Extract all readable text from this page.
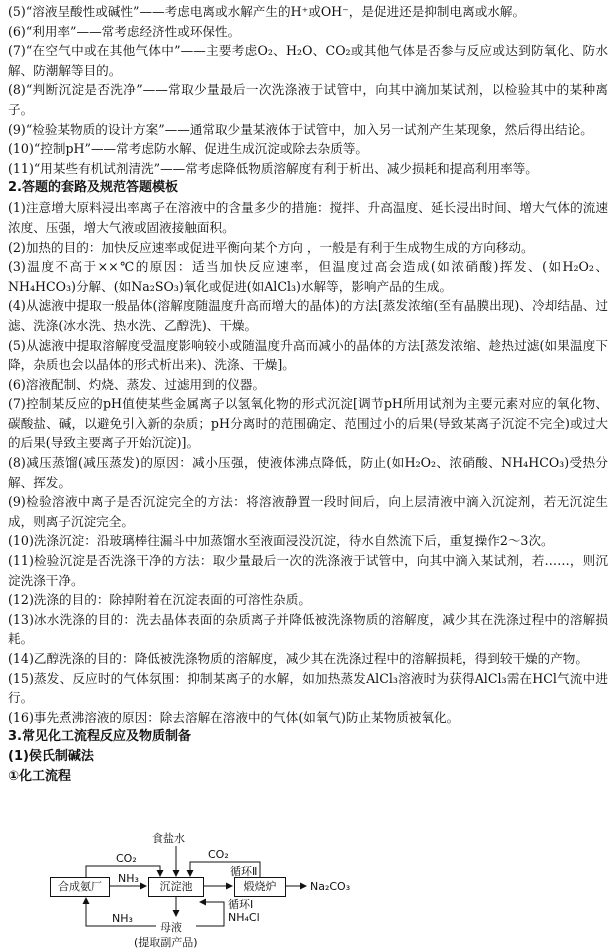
(5)“溶液呈酸性或碱性”——考虑电离或水解产生的H⁺或OH⁻，是促进还是抑制电离或水解。

(6)“利用率”——常考虑经济性或环保性。

(7)“在空气中或在其他气体中”——主要考虑O₂、H₂O、CO₂或其他气体是否参与反应或达到防氧化、防水解、防潮解等目的。

(8)“判断沉淀是否洗净”——常取少量最后一次洗涤液于试管中，向其中滴加某试剂，以检验其中的某种离子。

(9)“检验某物质的设计方案”——通常取少量某液体于试管中，加入另一试剂产生某现象，然后得出结论。

(10)“控制pH”——常考虑防水解、促进生成沉淀或除去杂质等。

(11)“用某些有机试剂清洗”——常考虑降低物质溶解度有利于析出、减少损耗和提高利用率等。

2.答题的套路及规范答题模板

(1)注意增大原料浸出率离子在溶液中的含量多少的措施：搅拌、升高温度、延长浸出时间、增大气体的流速浓度、压强，增大气液或固液接触面积。

(2)加热的目的：加快反应速率或促进平衡向某个方向 ，一般是有利于生成物生成的方向移动。

(3)温度不高于××℃的原因：适当加快反应速率，但温度过高会造成(如浓硝酸)挥发、(如H₂O₂、NH₄HCO₃)分解、(如Na₂SO₃)氧化或促进(如AlCl₃)水解等，影响产品的生成。

(4)从滤液中提取一般晶体(溶解度随温度升高而增大的晶体)的方法[蒸发浓缩(至有晶膜出现)、冷却结晶、过滤、洗涤(冰水洗、热水洗、乙醇洗)、干燥。

(5)从滤液中提取溶解度受温度影响较小或随温度升高而减小的晶体的方法[蒸发浓缩、趁热过滤(如果温度下降，杂质也会以晶体的形式析出来)、洗涤、干燥]。

(6)溶液配制、灼烧、蒸发、过滤用到的仪器。

(7)控制某反应的pH值使某些金属离子以氢氧化物的形式沉淀[调节pH所用试剂为主要元素对应的氧化物、碳酸盐、碱，以避免引入新的杂质；pH分离时的范围确定、范围过小的后果(导致某离子沉淀不完全)或过大的后果(导致主要离子开始沉淀)]。

(8)减压蒸馏(减压蒸发)的原因：减小压强，使液体沸点降低，防止(如H₂O₂、浓硝酸、NH₄HCO₃)受热分解、挥发。

(9)检验溶液中离子是否沉淀完全的方法：将溶液静置一段时间后，向上层清液中滴入沉淀剂，若无沉淀生成，则离子沉淀完全。

(10)洗涤沉淀：沿玻璃棒往漏斗中加蒸馏水至液面浸没沉淀，待水自然流下后，重复操作2～3次。

(11)检验沉淀是否洗涤干净的方法：取少量最后一次的洗涤液于试管中，向其中滴入某试剂，若……，则沉淀洗涤干净。

(12)洗涤的目的：除掉附着在沉淀表面的可溶性杂质。

(13)冰水洗涤的目的：洗去晶体表面的杂质离子并降低被洗涤物质的溶解度，减少其在洗涤过程中的溶解损耗。

(14)乙醇洗涤的目的：降低被洗涤物质的溶解度，减少其在洗涤过程中的溶解损耗，得到较干燥的产物。

(15)蒸发、反应时的气体氛围：抑制某离子的水解，如加热蒸发AlCl₃溶液时为获得AlCl₃需在HCl气流中进行。

(16)事先煮沸溶液的原因：除去溶解在溶液中的气体(如氧气)防止某物质被氧化。

3.常见化工流程反应及物质制备

(1)侯氏制碱法

①化工流程

合成氨厂	沉淀池	煅烧炉
食盐水
CO₂
NH₃
CO₂
循环Ⅱ
Na₂CO₃
循环Ⅰ
NH₄Cl
NH₃
母液
(提取副产品)
